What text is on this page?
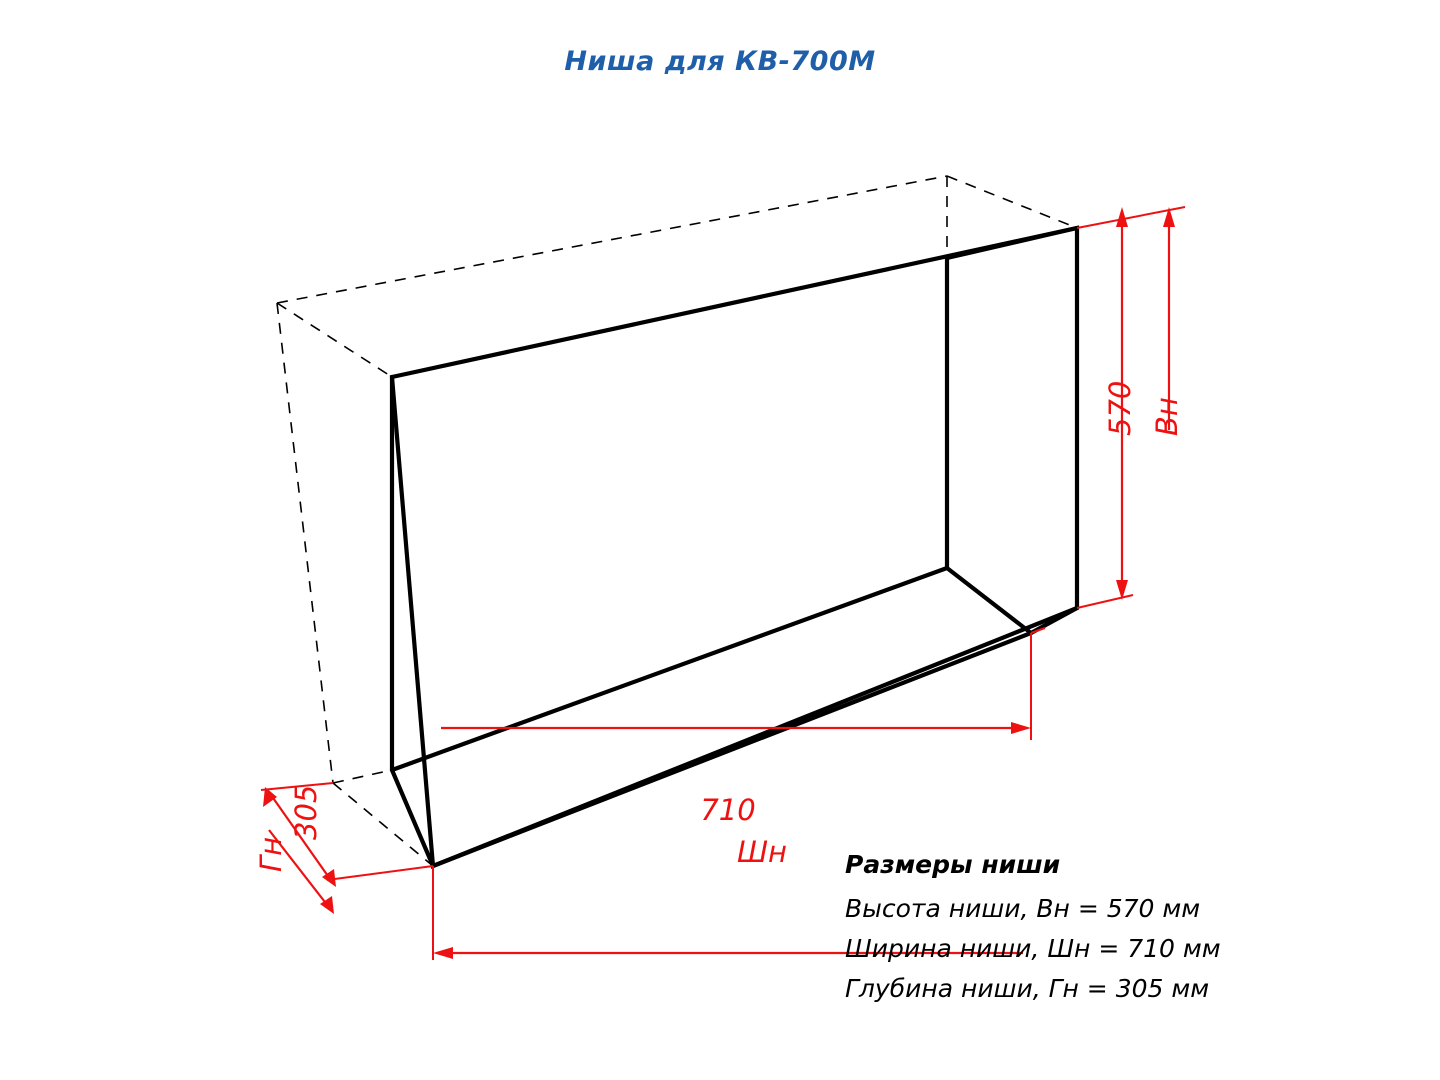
Ниша для КВ-700М
570 Вн
710
Шн
305
Гн	Размеры ниши
Высота ниши, Вн = 570 мм
Ширина ниши, Шн = 710 мм
Глубина ниши, Гн = 305 мм
